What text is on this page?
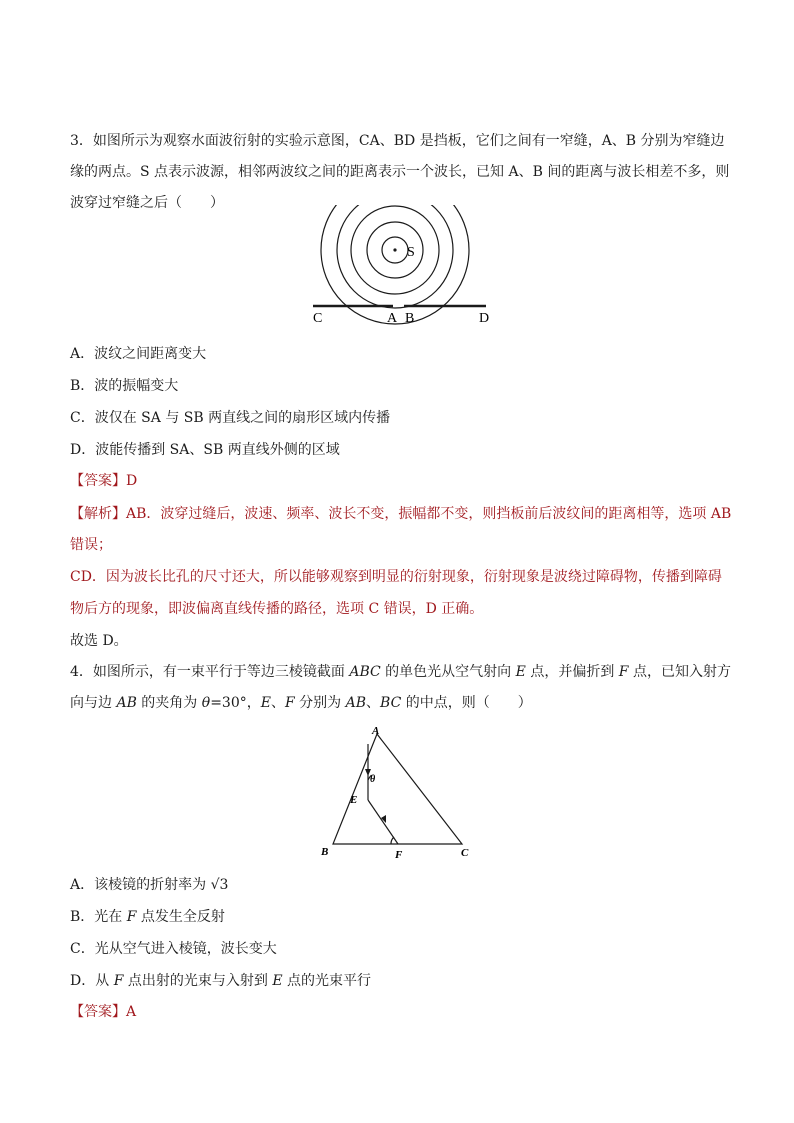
3．如图所示为观察水面波衍射的实验示意图，CA、BD 是挡板，它们之间有一窄缝，A、B 分别为窄缝边
缘的两点。S 点表示波源，相邻两波纹之间的距离表示一个波长，已知 A、B 间的距离与波长相差不多，则
波穿过窄缝之后（　　）
S
C	A B	D
A．波纹之间距离变大
B．波的振幅变大
C．波仅在 SA 与 SB 两直线之间的扇形区域内传播
D．波能传播到 SA、SB 两直线外侧的区域
【答案】D
【解析】AB．波穿过缝后，波速、频率、波长不变，振幅都不变，则挡板前后波纹间的距离相等，选项 AB
错误；
CD．因为波长比孔的尺寸还大，所以能够观察到明显的衍射现象，衍射现象是波绕过障碍物，传播到障碍
物后方的现象，即波偏离直线传播的路径，选项 C 错误，D 正确。
故选 D。
4．如图所示，有一束平行于等边三棱镜截面 ABC 的单色光从空气射向 E 点，并偏折到 F 点，已知入射方
向与边 AB 的夹角为 θ=30°，E、F 分别为 AB、BC 的中点，则（　　）
A
B	C
E
F
θ
A．该棱镜的折射率为 √3
B．光在 F 点发生全反射
C．光从空气进入棱镜，波长变大
D．从 F 点出射的光束与入射到 E 点的光束平行
【答案】A
